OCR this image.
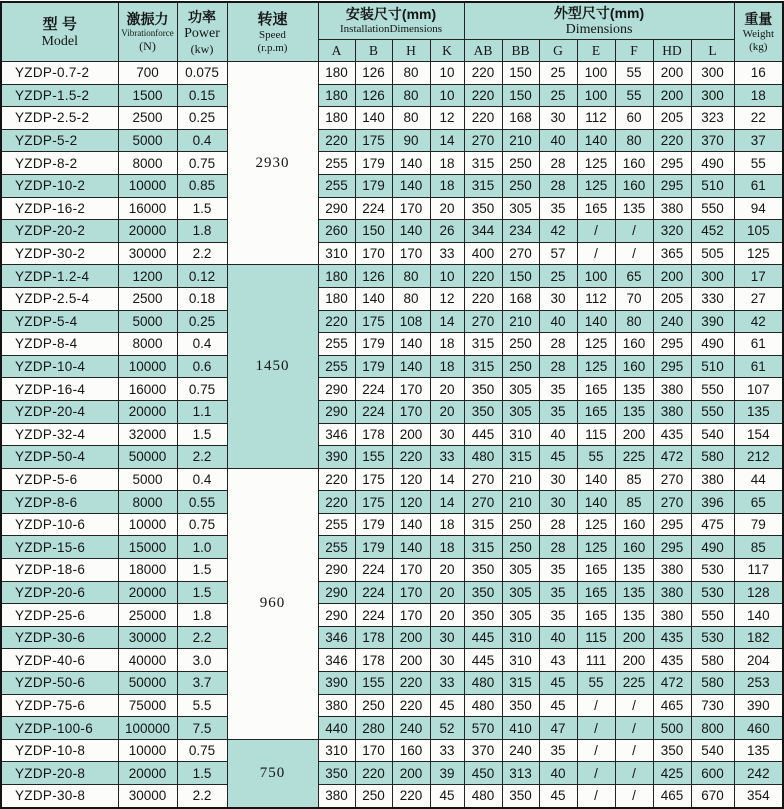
型 号
Model	激振力
Vibrationforce
(N)	功率
Power
(kw)	转速
Speed
(r.p.m)	安装尺寸(mm)
InstallationDimensions				外型尺寸(mm)
Dimensions							重量
Weight
(kg)

				A	B	H	K	AB	BB	G	E	F	HD	L	
YZDP-0.7-2	700	0.075	2930	180	126	80	10	220	150	25	100	55	200	300	16
YZDP-1.5-2	1500	0.15		180	126	80	10	220	150	25	100	55	200	300	18
YZDP-2.5-2	2500	0.25		180	140	80	12	220	168	30	112	60	205	323	22
YZDP-5-2	5000	0.4		220	175	90	14	270	210	40	140	80	220	370	37
YZDP-8-2	8000	0.75		255	179	140	18	315	250	28	125	160	295	490	55
YZDP-10-2	10000	0.85		255	179	140	18	315	250	28	125	160	295	510	61
YZDP-16-2	16000	1.5		290	224	170	20	350	305	35	165	135	380	550	94
YZDP-20-2	20000	1.8		260	150	140	26	344	234	42	/	/	320	452	105
YZDP-30-2	30000	2.2		310	170	170	33	400	270	57	/	/	365	505	125
YZDP-1.2-4	1200	0.12	1450	180	126	80	10	220	150	25	100	65	200	300	17
YZDP-2.5-4	2500	0.18		180	140	80	12	220	168	30	112	70	205	330	27
YZDP-5-4	5000	0.25		220	175	108	14	270	210	40	140	80	240	390	42
YZDP-8-4	8000	0.4		255	179	140	18	315	250	28	125	160	295	490	61
YZDP-10-4	10000	0.6		255	179	140	18	315	250	28	125	160	295	510	61
YZDP-16-4	16000	0.75		290	224	170	20	350	305	35	165	135	380	550	107
YZDP-20-4	20000	1.1		290	224	170	20	350	305	35	165	135	380	550	135
YZDP-32-4	32000	1.5		346	178	200	30	445	310	40	115	200	435	540	154
YZDP-50-4	50000	2.2		390	155	220	33	480	315	45	55	225	472	580	212
YZDP-5-6	5000	0.4	960	220	175	120	14	270	210	30	140	85	270	380	44
YZDP-8-6	8000	0.55		220	175	120	14	270	210	30	140	85	270	396	65
YZDP-10-6	10000	0.75		255	179	140	18	315	250	28	125	160	295	475	79
YZDP-15-6	15000	1.0		255	179	140	18	315	250	28	125	160	295	490	85
YZDP-18-6	18000	1.5		290	224	170	20	350	305	35	165	135	380	530	117
YZDP-20-6	20000	1.5		290	224	170	20	350	305	35	165	135	380	530	128
YZDP-25-6	25000	1.8		290	224	170	20	350	305	35	165	135	380	550	140
YZDP-30-6	30000	2.2		346	178	200	30	445	310	40	115	200	435	530	182
YZDP-40-6	40000	3.0		346	178	200	30	445	310	43	111	200	435	580	204
YZDP-50-6	50000	3.7		390	155	220	33	480	315	45	55	225	472	580	253
YZDP-75-6	75000	5.5		380	250	220	45	480	350	45	/	/	465	730	390
YZDP-100-6	100000	7.5		440	280	240	52	570	410	47	/	/	500	800	460
YZDP-10-8	10000	0.75	750	310	170	160	33	370	240	35	/	/	350	540	135
YZDP-20-8	20000	1.5		350	220	200	39	450	313	40	/	/	425	600	242
YZDP-30-8	30000	2.2		380	250	220	45	480	350	45	/	/	465	670	354
